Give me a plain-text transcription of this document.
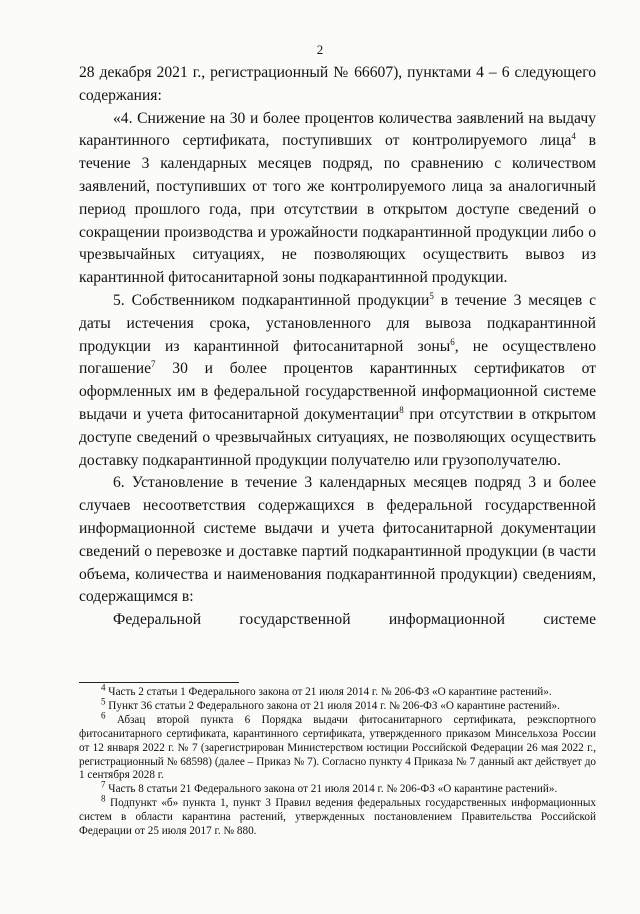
2

28 декабря 2021 г., регистрационный № 66607), пунктами 4 – 6 следующего содержания:

«4. Снижение на 30 и более процентов количества заявлений на выдачу карантинного сертификата, поступивших от контролируемого лица$^4$ в течение 3 календарных месяцев подряд, по сравнению с количеством заявлений, поступивших от того же контролируемого лица за аналогичный период прошлого года, при отсутствии в открытом доступе сведений о сокращении производства и урожайности подкарантинной продукции либо о чрезвычайных ситуациях, не позволяющих осуществить вывоз из карантинной фитосанитарной зоны подкарантинной продукции.

5. Собственником подкарантинной продукции$^5$ в течение 3 месяцев с даты истечения срока, установленного для вывоза подкарантинной продукции из карантинной фитосанитарной зоны$^6$, не осуществлено погашение$^7$ 30 и более процентов карантинных сертификатов от оформленных им в федеральной государственной информационной системе выдачи и учета фитосанитарной документации$^8$ при отсутствии в открытом доступе сведений о чрезвычайных ситуациях, не позволяющих осуществить доставку подкарантинной продукции получателю или грузополучателю.

6. Установление в течение 3 календарных месяцев подряд 3 и более случаев несоответствия содержащихся в федеральной государственной информационной системе выдачи и учета фитосанитарной документации сведений о перевозке и доставке партий подкарантинной продукции (в части объема, количества и наименования подкарантинной продукции) сведениям, содержащимся в:

Федеральной государственной информационной системе

$^4$ Часть 2 статьи 1 Федерального закона от 21 июля 2014 г. № 206-ФЗ «О карантине растений».

$^5$ Пункт 36 статьи 2 Федерального закона от 21 июля 2014 г. № 206-ФЗ «О карантине растений».

$^6$ Абзац второй пункта 6 Порядка выдачи фитосанитарного сертификата, реэкспортного фитосанитарного сертификата, карантинного сертификата, утвержденного приказом Минсельхоза России от 12 января 2022 г. № 7 (зарегистрирован Министерством юстиции Российской Федерации 26 мая 2022 г., регистрационный № 68598) (далее – Приказ № 7). Согласно пункту 4 Приказа № 7 данный акт действует до 1 сентября 2028 г.

$^7$ Часть 8 статьи 21 Федерального закона от 21 июля 2014 г. № 206-ФЗ «О карантине растений».

$^8$ Подпункт «б» пункта 1, пункт 3 Правил ведения федеральных государственных информационных систем в области карантина растений, утвержденных постановлением Правительства Российской Федерации от 25 июля 2017 г. № 880.
